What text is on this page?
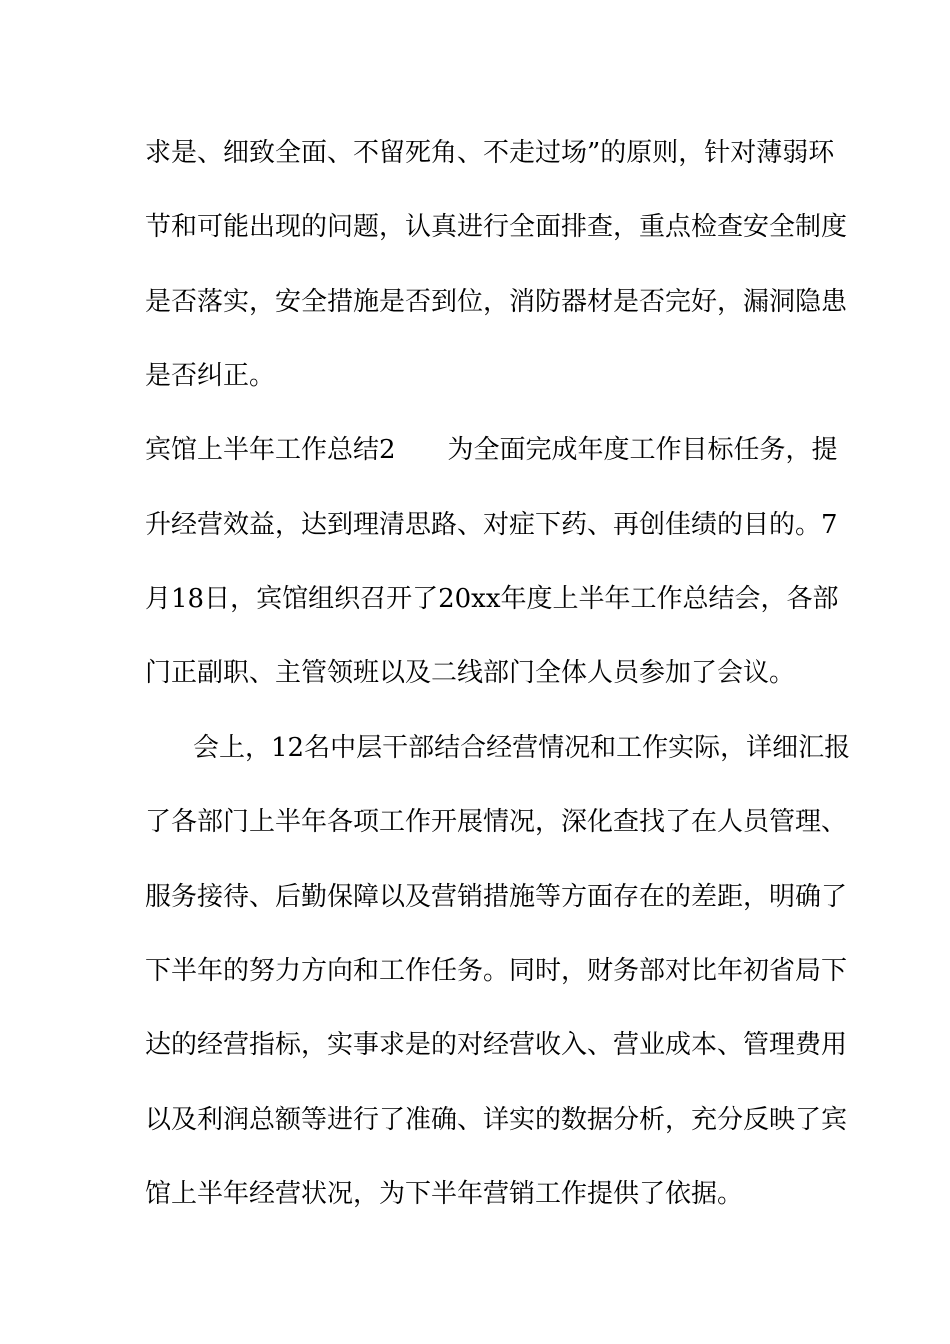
求是、细致全面、不留死角、不走过场”的原则，针对薄弱环
节和可能出现的问题，认真进行全面排查，重点检查安全制度
是否落实，安全措施是否到位，消防器材是否完好，漏洞隐患
是否纠正。
宾馆上半年工作总结2　　为全面完成年度工作目标任务，提
升经营效益，达到理清思路、对症下药、再创佳绩的目的。7
月18日，宾馆组织召开了20xx年度上半年工作总结会，各部
门正副职、主管领班以及二线部门全体人员参加了会议。
会上，12名中层干部结合经营情况和工作实际，详细汇报
了各部门上半年各项工作开展情况，深化查找了在人员管理、
服务接待、后勤保障以及营销措施等方面存在的差距，明确了
下半年的努力方向和工作任务。同时，财务部对比年初省局下
达的经营指标，实事求是的对经营收入、营业成本、管理费用
以及利润总额等进行了准确、详实的数据分析，充分反映了宾
馆上半年经营状况，为下半年营销工作提供了依据。
